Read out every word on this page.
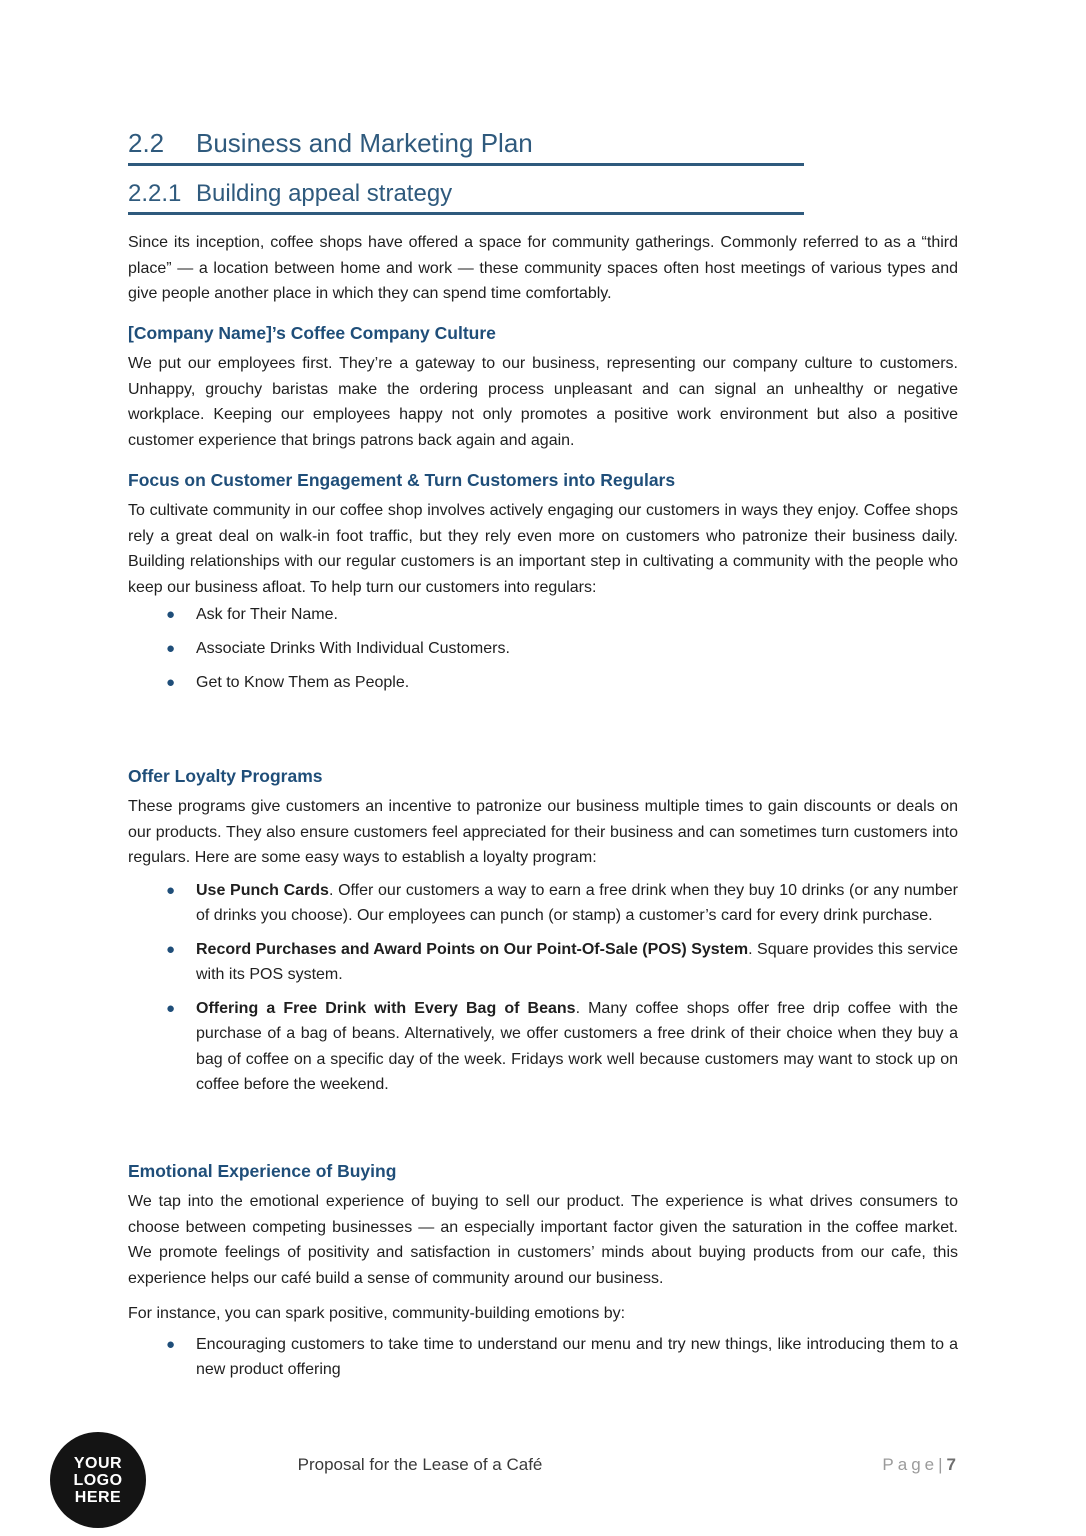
2.2	Business and Marketing Plan
2.2.1 Building appeal strategy

Since its inception, coffee shops have offered a space for community gatherings. Commonly referred to as a “third place” — a location between home and work — these community spaces often host meetings of various types and give people another place in which they can spend time comfortably.

[Company Name]’s Coffee Company Culture

We put our employees first. They’re a gateway to our business, representing our company culture to customers. Unhappy, grouchy baristas make the ordering process unpleasant and can signal an unhealthy or negative workplace. Keeping our employees happy not only promotes a positive work environment but also a positive customer experience that brings patrons back again and again.

Focus on Customer Engagement & Turn Customers into Regulars

To cultivate community in our coffee shop involves actively engaging our customers in ways they enjoy. Coffee shops rely a great deal on walk-in foot traffic, but they rely even more on customers who patronize their business daily. Building relationships with our regular customers is an important step in cultivating a community with the people who keep our business afloat. To help turn our customers into regulars:

● Ask for Their Name.
● Associate Drinks With Individual Customers.
● Get to Know Them as People.
Offer Loyalty Programs

These programs give customers an incentive to patronize our business multiple times to gain discounts or deals on our products. They also ensure customers feel appreciated for their business and can sometimes turn customers into regulars. Here are some easy ways to establish a loyalty program:

● Use Punch Cards. Offer our customers a way to earn a free drink when they buy 10 drinks (or any number of drinks you choose). Our employees can punch (or stamp) a customer’s card for every drink purchase.
● Record Purchases and Award Points on Our Point-Of-Sale (POS) System. Square provides this service with its POS system.
● Offering a Free Drink with Every Bag of Beans. Many coffee shops offer free drip coffee with the purchase of a bag of beans. Alternatively, we offer customers a free drink of their choice when they buy a bag of coffee on a specific day of the week. Fridays work well because customers may want to stock up on coffee before the weekend.
Emotional Experience of Buying

We tap into the emotional experience of buying to sell our product. The experience is what drives consumers to choose between competing businesses — an especially important factor given the saturation in the coffee market. We promote feelings of positivity and satisfaction in customers’ minds about buying products from our cafe, this experience helps our café build a sense of community around our business.

For instance, you can spark positive, community-building emotions by:

● Encouraging customers to take time to understand our menu and try new things, like introducing them to a new product offering
YOUR
LOGO
HERE
Proposal for the Lease of a Café	Page|7
